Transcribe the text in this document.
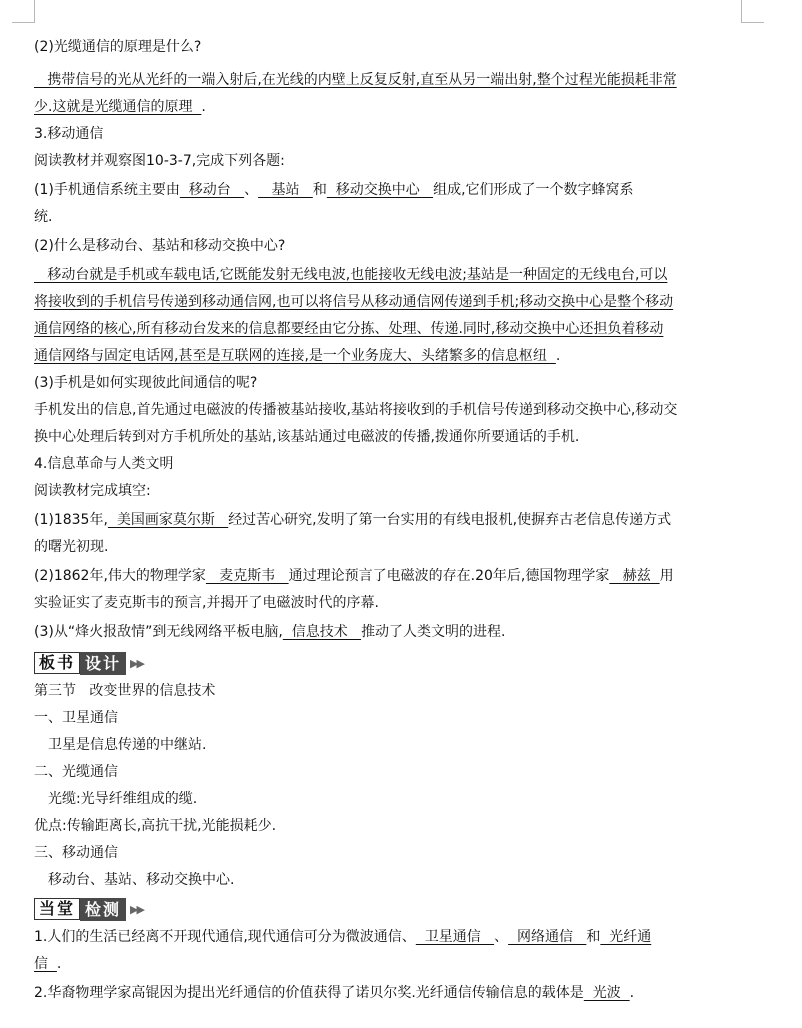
(2)光缆通信的原理是什么?
携带信号的光从光纤的一端入射后,在光线的内壁上反复反射,直至从另一端出射,整个过程光能损耗非常
少.这就是光缆通信的原理  .
3.移动通信
阅读教材并观察图10-3-7,完成下列各题:
(1)手机通信系统主要由  移动台   、   基站   和  移动交换中心   组成,它们形成了一个数字蜂窝系
统.
(2)什么是移动台、基站和移动交换中心?
移动台就是手机或车载电话,它既能发射无线电波,也能接收无线电波;基站是一种固定的无线电台,可以
将接收到的手机信号传递到移动通信网,也可以将信号从移动通信网传递到手机;移动交换中心是整个移动
通信网络的核心,所有移动台发来的信息都要经由它分拣、处理、传递.同时,移动交换中心还担负着移动
通信网络与固定电话网,甚至是互联网的连接,是一个业务庞大、头绪繁多的信息枢纽  .
(3)手机是如何实现彼此间通信的呢?
手机发出的信息,首先通过电磁波的传播被基站接收,基站将接收到的手机信号传递到移动交换中心,移动交
换中心处理后转到对方手机所处的基站,该基站通过电磁波的传播,拨通你所要通话的手机.
4.信息革命与人类文明
阅读教材完成填空:
(1)1835年,  美国画家莫尔斯   经过苦心研究,发明了第一台实用的有线电报机,使摒弃古老信息传递方式
的曙光初现.
(2)1862年,伟大的物理学家   麦克斯韦   通过理论预言了电磁波的存在.20年后,德国物理学家   赫兹  用
实验证实了麦克斯韦的预言,并揭开了电磁波时代的序幕.
(3)从“烽火报敌情”到无线网络平板电脑,  信息技术   推动了人类文明的进程.
板书 设计 ▶▶
第三节   改变世界的信息技术
一、卫星通信
卫星是信息传递的中继站.
二、光缆通信
光缆:光导纤维组成的缆.
优点:传输距离长,高抗干扰,光能损耗少.
三、移动通信
移动台、基站、移动交换中心.
当堂 检测 ▶▶
1.人们的生活已经离不开现代通信,现代通信可分为微波通信、  卫星通信   、  网络通信   和  光纤通
信  .
2.华裔物理学家高锟因为提出光纤通信的价值获得了诺贝尔奖.光纤通信传输信息的载体是  光波  .
